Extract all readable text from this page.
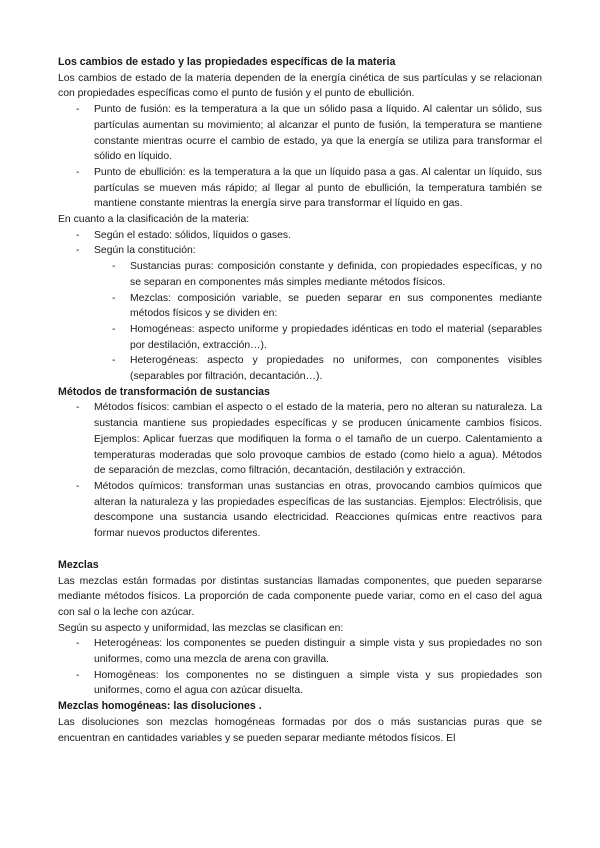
Los cambios de estado y las propiedades específicas de la materia

Los cambios de estado de la materia dependen de la energía cinética de sus partículas y se relacionan con propiedades específicas como el punto de fusión y el punto de ebullición.

- Punto de fusión: es la temperatura a la que un sólido pasa a líquido. Al calentar un sólido, sus partículas aumentan su movimiento; al alcanzar el punto de fusión, la temperatura se mantiene constante mientras ocurre el cambio de estado, ya que la energía se utiliza para transformar el sólido en líquido.
- Punto de ebullición: es la temperatura a la que un líquido pasa a gas. Al calentar un líquido, sus partículas se mueven más rápido; al llegar al punto de ebullición, la temperatura también se mantiene constante mientras la energía sirve para transformar el líquido en gas.

En cuanto a la clasificación de la materia:

- Según el estado: sólidos, líquidos o gases.
- Según la constitución:
- Sustancias puras: composición constante y definida, con propiedades específicas, y no se separan en componentes más simples mediante métodos físicos.
- Mezclas: composición variable, se pueden separar en sus componentes mediante métodos físicos y se dividen en:
- Homogéneas: aspecto uniforme y propiedades idénticas en todo el material (separables por destilación, extracción…).
- Heterogéneas: aspecto y propiedades no uniformes, con componentes visibles (separables por filtración, decantación…).
Métodos de transformación de sustancias
- Métodos físicos: cambian el aspecto o el estado de la materia, pero no alteran su naturaleza. La sustancia mantiene sus propiedades específicas y se producen únicamente cambios físicos. Ejemplos: Aplicar fuerzas que modifiquen la forma o el tamaño de un cuerpo. Calentamiento a temperaturas moderadas que solo provoque cambios de estado (como hielo a agua). Métodos de separación de mezclas, como filtración, decantación, destilación y extracción.
- Métodos químicos: transforman unas sustancias en otras, provocando cambios químicos que alteran la naturaleza y las propiedades específicas de las sustancias. Ejemplos: Electrólisis, que descompone una sustancia usando electricidad. Reacciones químicas entre reactivos para formar nuevos productos diferentes.
Mezclas

Las mezclas están formadas por distintas sustancias llamadas componentes, que pueden separarse mediante métodos físicos. La proporción de cada componente puede variar, como en el caso del agua con sal o la leche con azúcar.

Según su aspecto y uniformidad, las mezclas se clasifican en:

- Heterogéneas: los componentes se pueden distinguir a simple vista y sus propiedades no son uniformes, como una mezcla de arena con gravilla.
- Homogéneas: los componentes no se distinguen a simple vista y sus propiedades son uniformes, como el agua con azúcar disuelta.
Mezclas homogéneas: las disoluciones .

Las disoluciones son mezclas homogéneas formadas por dos o más sustancias puras que se encuentran en cantidades variables y se pueden separar mediante métodos físicos. El
